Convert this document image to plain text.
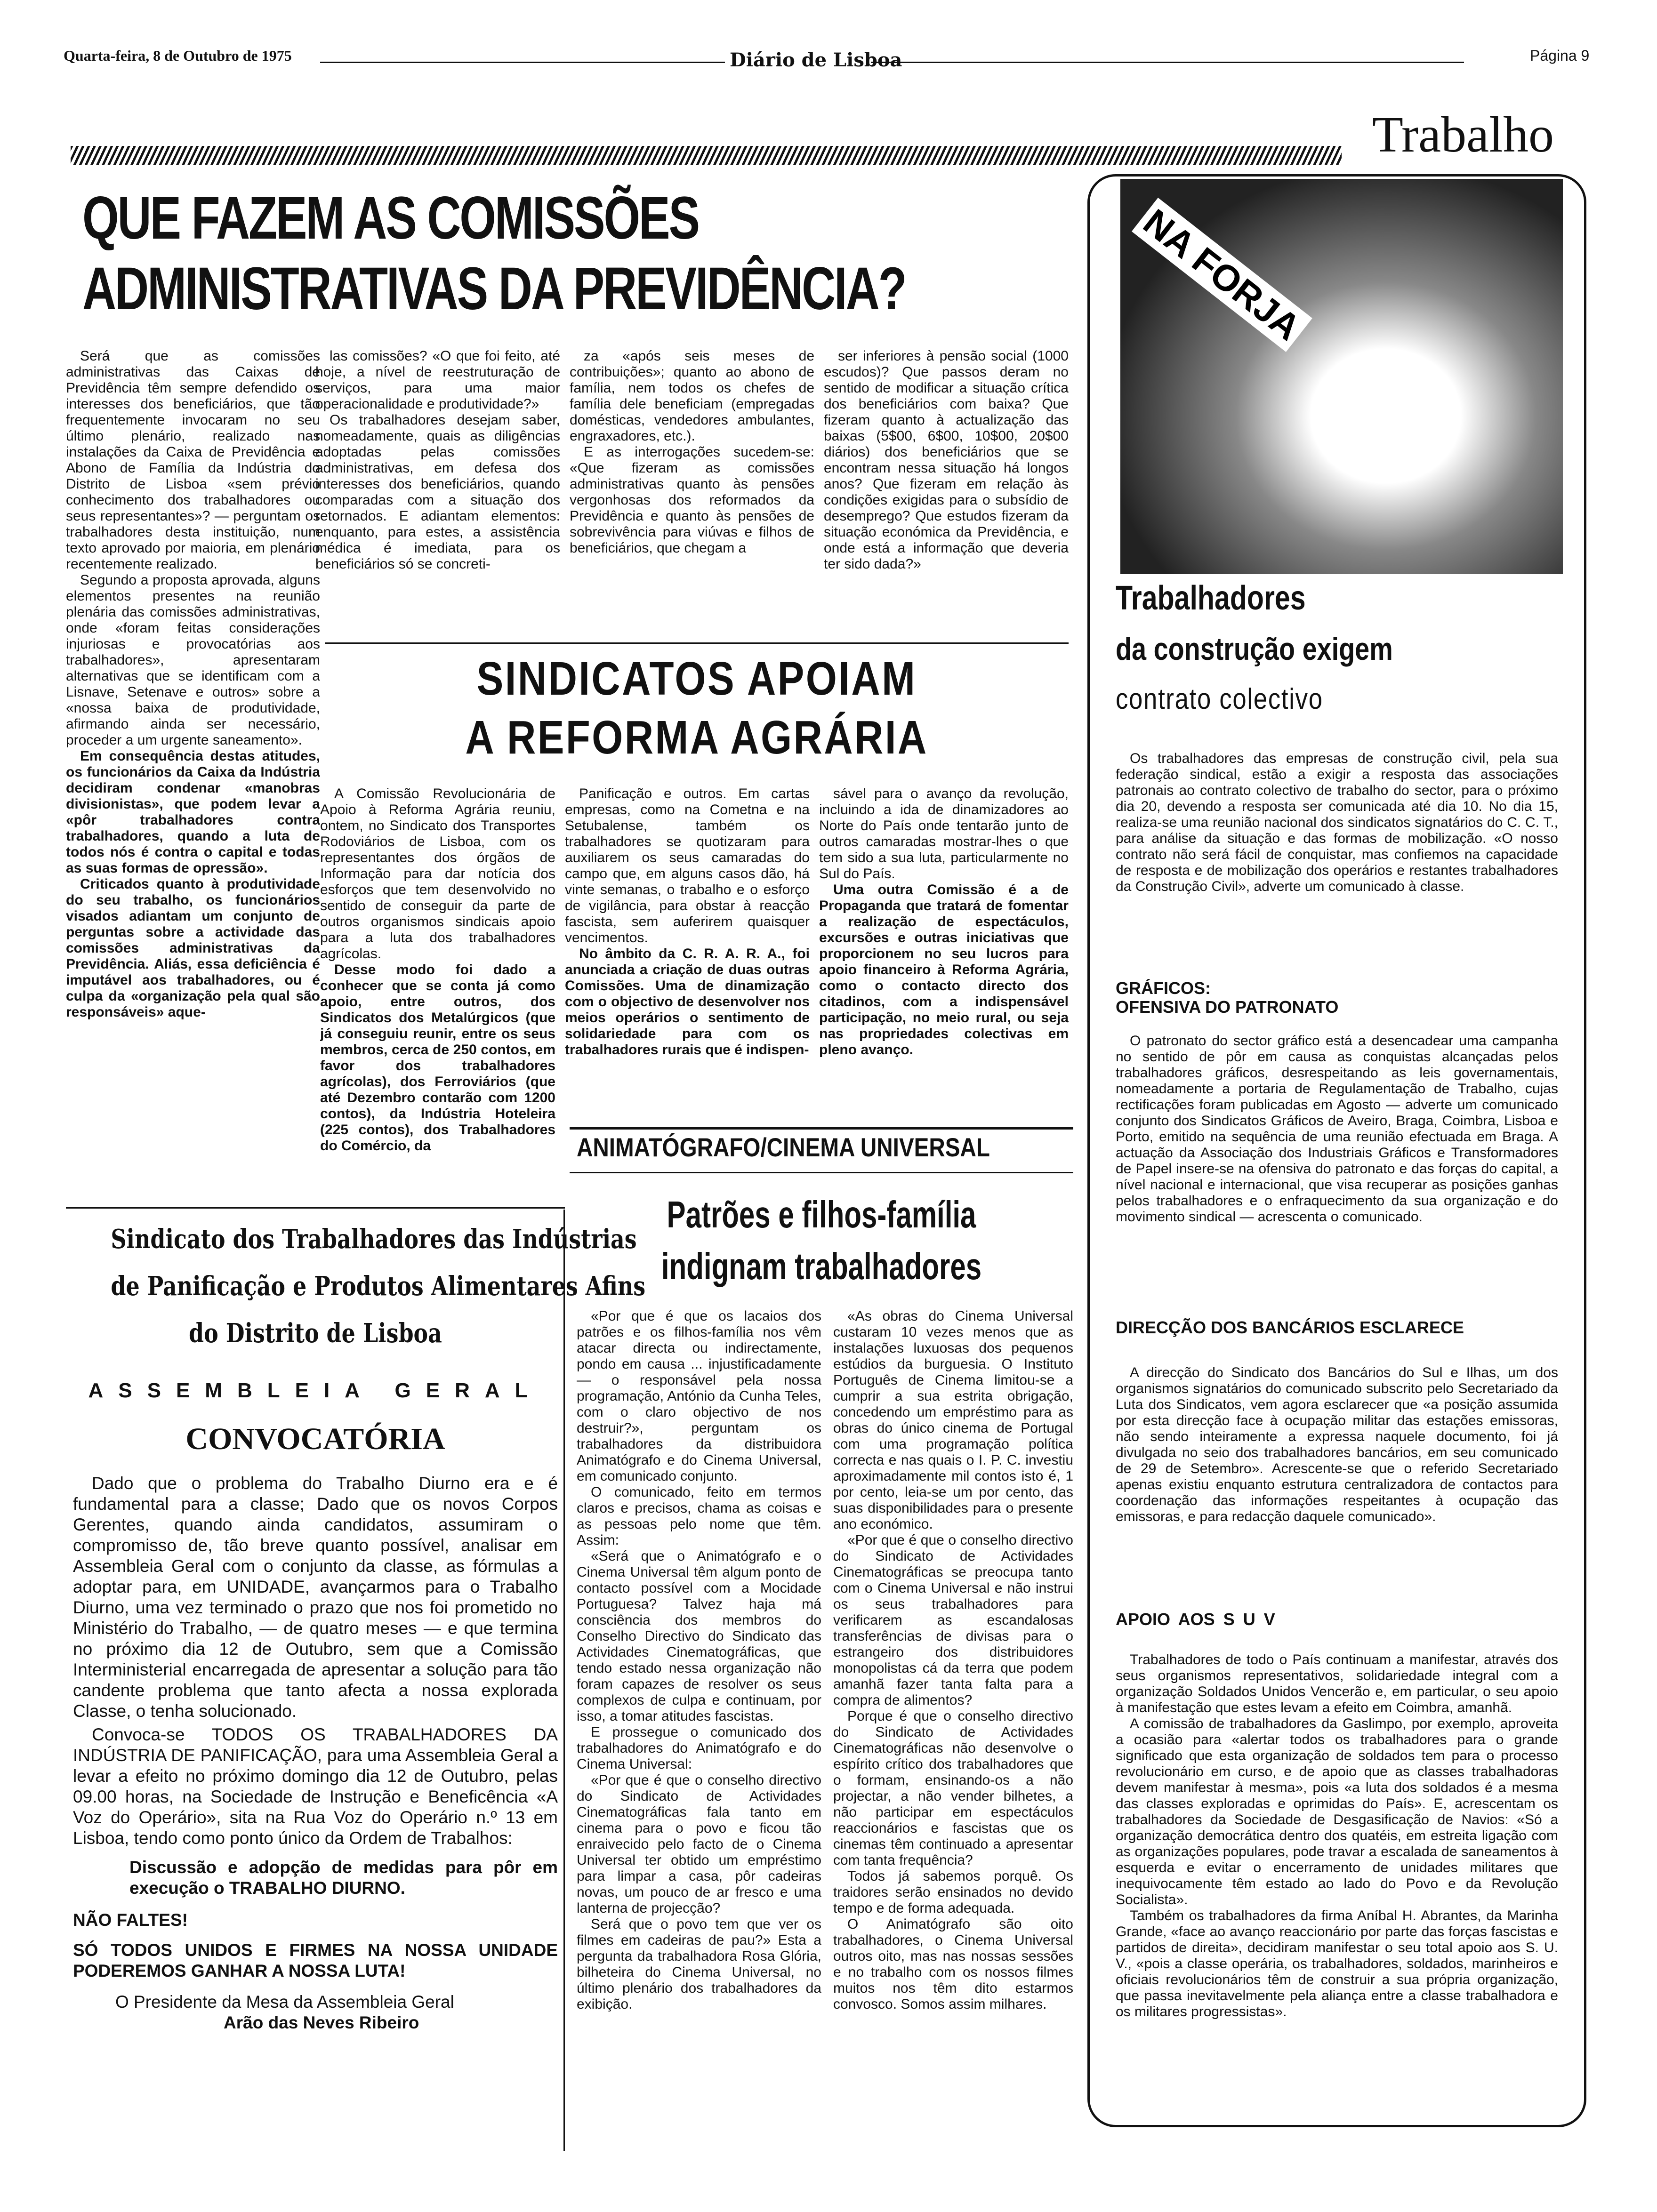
Quarta-feira, 8 de Outubro de 1975	Diário de Lisboa	Página 9
Trabalho
QUE FAZEM AS COMISSÕES
ADMINISTRATIVAS DA PREVIDÊNCIA?

Será que as comissões administrativas das Caixas de Previdência têm sempre defendido os interesses dos beneficiários, que tão frequentemente invocaram no seu último plenário, realizado nas instalações da Caixa de Previdência e Abono de Família da Indústria do Distrito de Lisboa «sem prévio conhecimento dos trabalhadores ou seus representantes»? — perguntam os trabalhadores desta instituição, num texto aprovado por maioria, em plenário recentemente realizado.

Segundo a proposta aprovada, alguns elementos presentes na reunião plenária das comissões administrativas, onde «foram feitas considerações injuriosas e provocatórias aos trabalhadores», apresentaram alternativas que se identificam com a Lisnave, Setenave e outros» sobre a «nossa baixa de produtividade, afirmando ainda ser necessário, proceder a um urgente saneamento».

Em consequência destas atitudes, os funcionários da Caixa da Indústria decidiram condenar «manobras divisionistas», que podem levar a «pôr trabalhadores contra trabalhadores, quando a luta de todos nós é contra o capital e todas as suas formas de opressão».

Criticados quanto à produtividade do seu trabalho, os funcionários visados adiantam um conjunto de perguntas sobre a actividade das comissões administrativas da Previdência. Aliás, essa deficiência é imputável aos trabalhadores, ou é culpa da «organização pela qual são responsáveis» aque-

las comissões? «O que foi feito, até hoje, a nível de reestruturação de serviços, para uma maior operacionalidade e produtividade?»

Os trabalhadores desejam saber, nomeadamente, quais as diligências adoptadas pelas comissões administrativas, em defesa dos interesses dos beneficiários, quando comparadas com a situação dos retornados. E adiantam elementos: enquanto, para estes, a assistência médica é imediata, para os beneficiários só se concreti-

za «após seis meses de contribuições»; quanto ao abono de família, nem todos os chefes de família dele beneficiam (empregadas domésticas, vendedores ambulantes, engraxadores, etc.).

E as interrogações sucedem-se: «Que fizeram as comissões administrativas quanto às pensões vergonhosas dos reformados da Previdência e quanto às pensões de sobrevivência para viúvas e filhos de beneficiários, que chegam a

ser inferiores à pensão social (1000 escudos)? Que passos deram no sentido de modificar a situação crítica dos beneficiários com baixa? Que fizeram quanto à actualização das baixas (5$00, 6$00, 10$00, 20$00 diários) dos beneficiários que se encontram nessa situação há longos anos? Que fizeram em relação às condições exigidas para o subsídio de desemprego? Que estudos fizeram da situação económica da Previdência, e onde está a informação que deveria ter sido dada?»

SINDICATOS APOIAM
A REFORMA AGRÁRIA

A Comissão Revolucionária de Apoio à Reforma Agrária reuniu, ontem, no Sindicato dos Transportes Rodoviários de Lisboa, com os representantes dos órgãos de Informação para dar notícia dos esforços que tem desenvolvido no sentido de conseguir da parte de outros organismos sindicais apoio para a luta dos trabalhadores agrícolas.

Desse modo foi dado a conhecer que se conta já como apoio, entre outros, dos Sindicatos dos Metalúrgicos (que já conseguiu reunir, entre os seus membros, cerca de 250 contos, em favor dos trabalhadores agrícolas), dos Ferroviários (que até Dezembro contarão com 1200 contos), da Indústria Hoteleira (225 contos), dos Trabalhadores do Comércio, da

Panificação e outros. Em cartas empresas, como na Cometna e na Setubalense, também os trabalhadores se quotizaram para auxiliarem os seus camaradas do campo que, em alguns casos dão, há vinte semanas, o trabalho e o esforço de vigilância, para obstar à reacção fascista, sem auferirem quaisquer vencimentos.

No âmbito da C. R. A. R. A., foi anunciada a criação de duas outras Comissões. Uma de dinamização com o objectivo de desenvolver nos meios operários o sentimento de solidariedade para com os trabalhadores rurais que é indispen-

sável para o avanço da revolução, incluindo a ida de dinamizadores ao Norte do País onde tentarão junto de outros camaradas mostrar-lhes o que tem sido a sua luta, particularmente no Sul do País.

Uma outra Comissão é a de Propaganda que tratará de fomentar a realização de espectáculos, excursões e outras iniciativas que proporcionem no seu lucros para apoio financeiro à Reforma Agrária, como o contacto directo dos citadinos, com a indispensável participação, no meio rural, ou seja nas propriedades colectivas em pleno avanço.

Sindicato dos Trabalhadores das Indústrias
de Panificação e Produtos Alimentares Afins
do Distrito de Lisboa
ASSEMBLEIA GERAL
CONVOCATÓRIA

Dado que o problema do Trabalho Diurno era e é fundamental para a classe; Dado que os novos Corpos Gerentes, quando ainda candidatos, assumiram o compromisso de, tão breve quanto possível, analisar em Assembleia Geral com o conjunto da classe, as fórmulas a adoptar para, em UNIDADE, avançarmos para o Trabalho Diurno, uma vez terminado o prazo que nos foi prometido no Ministério do Trabalho, — de quatro meses — e que termina no próximo dia 12 de Outubro, sem que a Comissão Interministerial encarregada de apresentar a solução para tão candente problema que tanto afecta a nossa explorada Classe, o tenha solucionado.

Convoca-se TODOS OS TRABALHADORES DA INDÚSTRIA DE PANIFICAÇÃO, para uma Assembleia Geral a levar a efeito no próximo domingo dia 12 de Outubro, pelas 09.00 horas, na Sociedade de Instrução e Beneficência «A Voz do Operário», sita na Rua Voz do Operário n.º 13 em Lisboa, tendo como ponto único da Ordem de Trabalhos:

Discussão e adopção de medidas para pôr em execução o TRABALHO DIURNO.

NÃO FALTES!

SÓ TODOS UNIDOS E FIRMES NA NOSSA UNIDADE PODEREMOS GANHAR A NOSSA LUTA!

O Presidente da Mesa da Assembleia Geral

Arão das Neves Ribeiro

ANIMATÓGRAFO/CINEMA UNIVERSAL
Patrões e filhos-família
indignam trabalhadores

«Por que é que os lacaios dos patrões e os filhos-família nos vêm atacar directa ou indirectamente, pondo em causa ... injustificadamente — o responsável pela nossa programação, António da Cunha Teles, com o claro objectivo de nos destruir?», perguntam os trabalhadores da distribuidora Animatógrafo e do Cinema Universal, em comunicado conjunto.

O comunicado, feito em termos claros e precisos, chama as coisas e as pessoas pelo nome que têm. Assim:

«Será que o Animatógrafo e o Cinema Universal têm algum ponto de contacto possível com a Mocidade Portuguesa? Talvez haja má consciência dos membros do Conselho Directivo do Sindicato das Actividades Cinematográficas, que tendo estado nessa organização não foram capazes de resolver os seus complexos de culpa e continuam, por isso, a tomar atitudes fascistas.

E prossegue o comunicado dos trabalhadores do Animatógrafo e do Cinema Universal:

«Por que é que o conselho directivo do Sindicato de Actividades Cinematográficas fala tanto em cinema para o povo e ficou tão enraivecido pelo facto de o Cinema Universal ter obtido um empréstimo para limpar a casa, pôr cadeiras novas, um pouco de ar fresco e uma lanterna de projecção?

Será que o povo tem que ver os filmes em cadeiras de pau?» Esta a pergunta da trabalhadora Rosa Glória, bilheteira do Cinema Universal, no último plenário dos trabalhadores da exibição.

«As obras do Cinema Universal custaram 10 vezes menos que as instalações luxuosas dos pequenos estúdios da burguesia. O Instituto Português de Cinema limitou-se a cumprir a sua estrita obrigação, concedendo um empréstimo para as obras do único cinema de Portugal com uma programação política correcta e nas quais o I. P. C. investiu aproximadamente mil contos isto é, 1 por cento, leia-se um por cento, das suas disponibilidades para o presente ano económico.

«Por que é que o conselho directivo do Sindicato de Actividades Cinematográficas se preocupa tanto com o Cinema Universal e não instrui os seus trabalhadores para verificarem as escandalosas transferências de divisas para o estrangeiro dos distribuidores monopolistas cá da terra que podem amanhã fazer tanta falta para a compra de alimentos?

Porque é que o conselho directivo do Sindicato de Actividades Cinematográficas não desenvolve o espírito crítico dos trabalhadores que o formam, ensinando-os a não projectar, a não vender bilhetes, a não participar em espectáculos reaccionários e fascistas que os cinemas têm continuado a apresentar com tanta frequência?

Todos já sabemos porquê. Os traidores serão ensinados no devido tempo e de forma adequada.

O Animatógrafo são oito trabalhadores, o Cinema Universal outros oito, mas nas nossas sessões e no trabalho com os nossos filmes muitos nos têm dito estarmos convosco. Somos assim milhares.

NA FORJA
Trabalhadores
da construção exigem
contrato colectivo

Os trabalhadores das empresas de construção civil, pela sua federação sindical, estão a exigir a resposta das associações patronais ao contrato colectivo de trabalho do sector, para o próximo dia 20, devendo a resposta ser comunicada até dia 10. No dia 15, realiza-se uma reunião nacional dos sindicatos signatários do C. C. T., para análise da situação e das formas de mobilização. «O nosso contrato não será fácil de conquistar, mas confiemos na capacidade de resposta e de mobilização dos operários e restantes trabalhadores da Construção Civil», adverte um comunicado à classe.

GRÁFICOS:
OFENSIVA DO PATRONATO

O patronato do sector gráfico está a desencadear uma campanha no sentido de pôr em causa as conquistas alcançadas pelos trabalhadores gráficos, desrespeitando as leis governamentais, nomeadamente a portaria de Regulamentação de Trabalho, cujas rectificações foram publicadas em Agosto — adverte um comunicado conjunto dos Sindicatos Gráficos de Aveiro, Braga, Coimbra, Lisboa e Porto, emitido na sequência de uma reunião efectuada em Braga. A actuação da Associação dos Industriais Gráficos e Transformadores de Papel insere-se na ofensiva do patronato e das forças do capital, a nível nacional e internacional, que visa recuperar as posições ganhas pelos trabalhadores e o enfraquecimento da sua organização e do movimento sindical — acrescenta o comunicado.

DIRECÇÃO DOS BANCÁRIOS ESCLARECE

A direcção do Sindicato dos Bancários do Sul e Ilhas, um dos organismos signatários do comunicado subscrito pelo Secretariado da Luta dos Sindicatos, vem agora esclarecer que «a posição assumida por esta direcção face à ocupação militar das estações emissoras, não sendo inteiramente a expressa naquele documento, foi já divulgada no seio dos trabalhadores bancários, em seu comunicado de 29 de Setembro». Acrescente-se que o referido Secretariado apenas existiu enquanto estrutura centralizadora de contactos para coordenação das informações respeitantes à ocupação das emissoras, e para redacção daquele comunicado».

APOIO AOS S U V

Trabalhadores de todo o País continuam a manifestar, através dos seus organismos representativos, solidariedade integral com a organização Soldados Unidos Vencerão e, em particular, o seu apoio à manifestação que estes levam a efeito em Coimbra, amanhã.

A comissão de trabalhadores da Gaslimpo, por exemplo, aproveita a ocasião para «alertar todos os trabalhadores para o grande significado que esta organização de soldados tem para o processo revolucionário em curso, e de apoio que as classes trabalhadoras devem manifestar à mesma», pois «a luta dos soldados é a mesma das classes exploradas e oprimidas do País». E, acrescentam os trabalhadores da Sociedade de Desgasificação de Navios: «Só a organização democrática dentro dos quatéis, em estreita ligação com as organizações populares, pode travar a escalada de saneamentos à esquerda e evitar o encerramento de unidades militares que inequivocamente têm estado ao lado do Povo e da Revolução Socialista».

Também os trabalhadores da firma Aníbal H. Abrantes, da Marinha Grande, «face ao avanço reaccionário por parte das forças fascistas e partidos de direita», decidiram manifestar o seu total apoio aos S. U. V., «pois a classe operária, os trabalhadores, soldados, marinheiros e oficiais revolucionários têm de construir a sua própria organização, que passa inevitavelmente pela aliança entre a classe trabalhadora e os militares progressistas».
